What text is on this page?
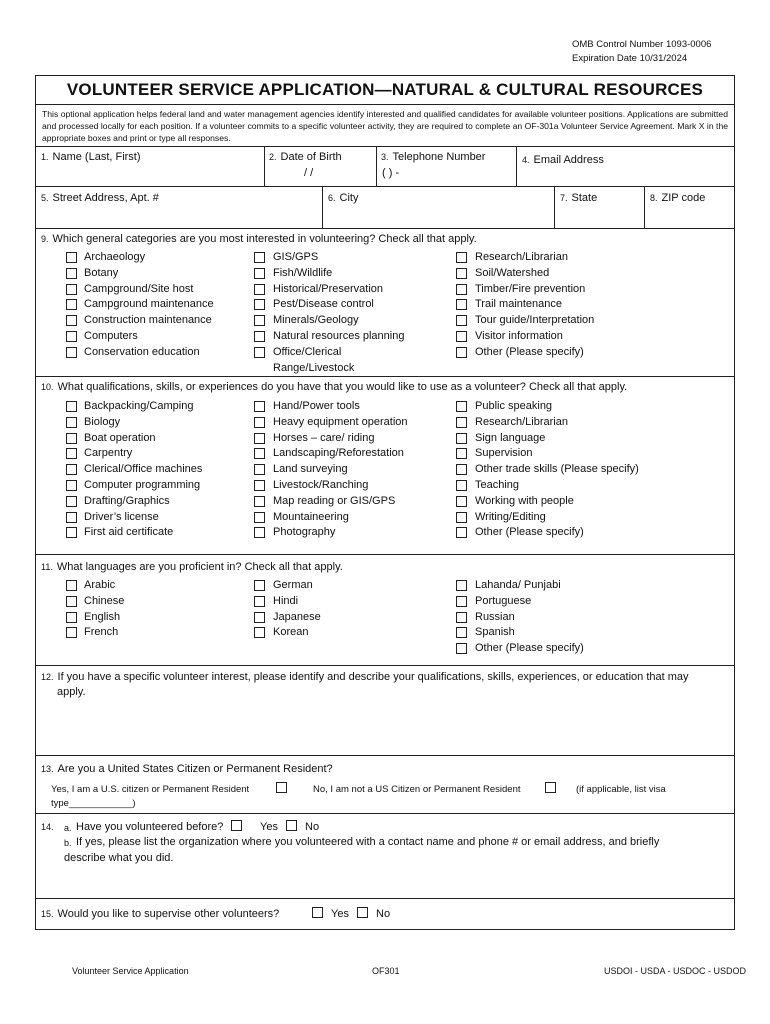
OMB Control Number 1093-0006
Expiration Date 10/31/2024
VOLUNTEER SERVICE APPLICATION—NATURAL & CULTURAL RESOURCES
This optional application helps federal land and water management agencies identify interested and qualified candidates for available volunteer positions. Applications are submitted and processed locally for each position. If a volunteer commits to a specific volunteer activity, they are required to complete an OF-301a Volunteer Service Agreement. Mark X in the appropriate boxes and print or type all responses.
1. Name (Last, First)	2. Date of Birth
/ /
3. Telephone Number
( ) -
4. Email Address
5. Street Address, Apt. #	6. City	7. State	8. ZIP code
9. Which general categories are you most interested in volunteering? Check all that apply.
10. What qualifications, skills, or experiences do you have that you would like to use as a volunteer? Check all that apply.
11. What languages are you proficient in? Check all that apply.
12. If you have a specific volunteer interest, please identify and describe your qualifications, skills, experiences, or education that may
apply.
13. Are you a United States Citizen or Permanent Resident?
Yes, I am a U.S. citizen or Permanent Resident	No, I am not a US Citizen or Permanent Resident	(if applicable, list visa
type____________)
14.	a. Have you volunteered before?	Yes No
b. If yes, please list the organization where you volunteered with a contact name and phone # or email address, and briefly
describe what you did.
15. Would you like to supervise other volunteers?	Yes No
Archaeology
Botany
Campground/Site host
Campground maintenance
Construction maintenance
Computers
Conservation education
GIS/GPS
Fish/Wildlife
Historical/Preservation
Pest/Disease control
Minerals/Geology
Natural resources planning
Office/Clerical
Range/Livestock
Research/Librarian
Soil/Watershed
Timber/Fire prevention
Trail maintenance
Tour guide/Interpretation
Visitor information
Other (Please specify)
Backpacking/Camping
Biology
Boat operation
Carpentry
Clerical/Office machines
Computer programming
Drafting/Graphics
Driver’s license
First aid certificate
Hand/Power tools
Heavy equipment operation
Horses – care/ riding
Landscaping/Reforestation
Land surveying
Livestock/Ranching
Map reading or GIS/GPS
Mountaineering
Photography
Public speaking
Research/Librarian
Sign language
Supervision
Other trade skills (Please specify)
Teaching
Working with people
Writing/Editing
Other (Please specify)
Arabic
Chinese
English
French
German
Hindi
Japanese
Korean
Lahanda/ Punjabi
Portuguese
Russian
Spanish
Other (Please specify)
Volunteer Service Application	OF301	USDOI - USDA - USDOC - USDOD
